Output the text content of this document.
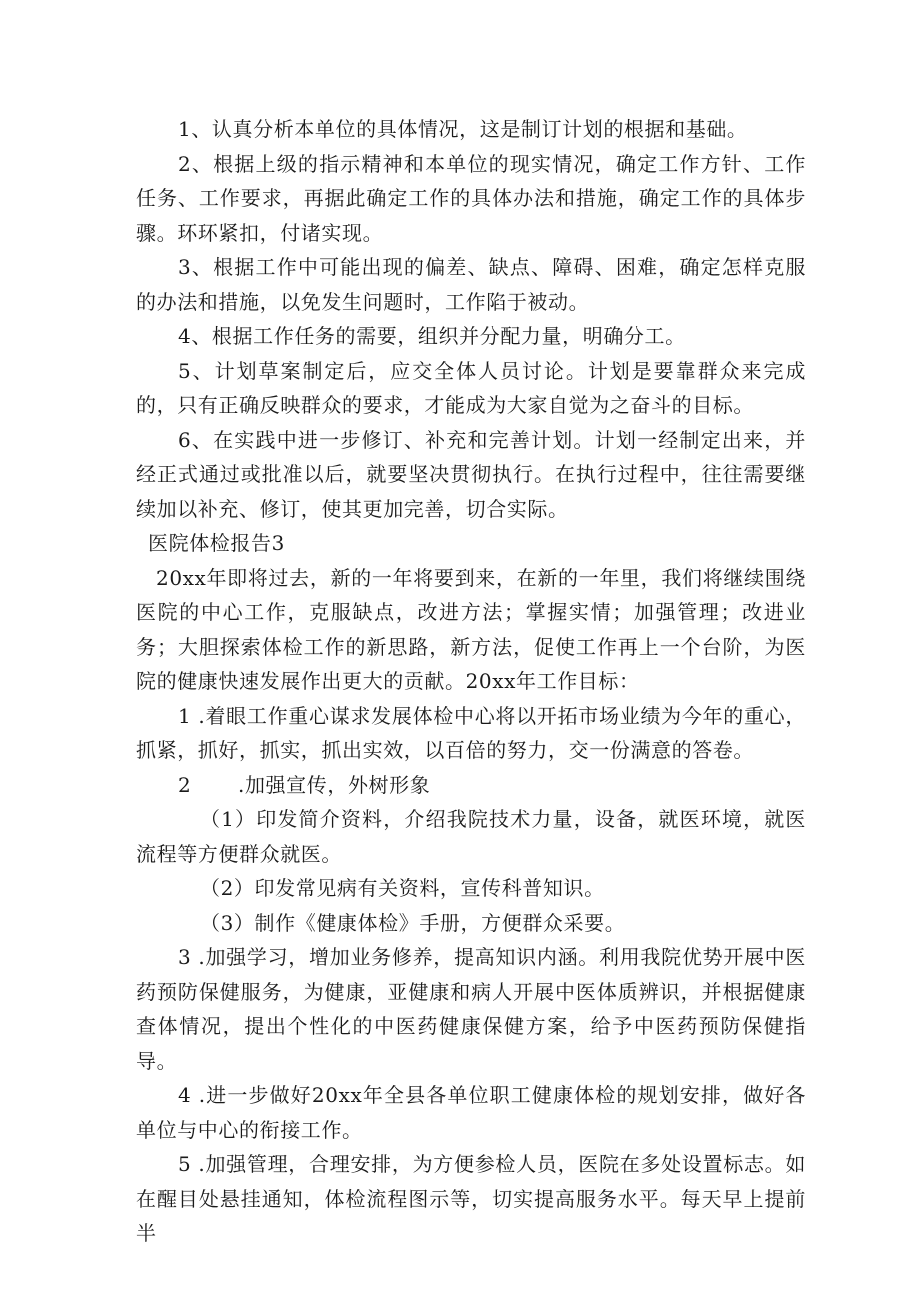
1、认真分析本单位的具体情况，这是制订计划的根据和基础。

2、根据上级的指示精神和本单位的现实情况，确定工作方针、工作任务、工作要求，再据此确定工作的具体办法和措施，确定工作的具体步骤。环环紧扣，付诸实现。

3、根据工作中可能出现的偏差、缺点、障碍、困难，确定怎样克服的办法和措施，以免发生问题时，工作陷于被动。

4、根据工作任务的需要，组织并分配力量，明确分工。

5、计划草案制定后，应交全体人员讨论。计划是要靠群众来完成的，只有正确反映群众的要求，才能成为大家自觉为之奋斗的目标。

6、在实践中进一步修订、补充和完善计划。计划一经制定出来，并经正式通过或批准以后，就要坚决贯彻执行。在执行过程中，往往需要继续加以补充、修订，使其更加完善，切合实际。

医院体检报告3

20xx年即将过去，新的一年将要到来，在新的一年里，我们将继续围绕医院的中心工作，克服缺点，改进方法；掌握实情；加强管理；改进业务；大胆探索体检工作的新思路，新方法，促使工作再上一个台阶，为医院的健康快速发展作出更大的贡献。20xx年工作目标：

1 .着眼工作重心谋求发展体检中心将以开拓市场业绩为今年的重心，抓紧，抓好，抓实，抓出实效，以百倍的努力，交一份满意的答卷。

2 .加强宣传，外树形象

（1）印发简介资料，介绍我院技术力量，设备，就医环境，就医流程等方便群众就医。

（2）印发常见病有关资料，宣传科普知识。

（3）制作《健康体检》手册，方便群众采要。

3 .加强学习，增加业务修养，提高知识内涵。利用我院优势开展中医药预防保健服务，为健康，亚健康和病人开展中医体质辨识，并根据健康查体情况，提出个性化的中医药健康保健方案，给予中医药预防保健指导。

4 .进一步做好20xx年全县各单位职工健康体检的规划安排，做好各单位与中心的衔接工作。

5 .加强管理，合理安排，为方便参检人员，医院在多处设置标志。如在醒目处悬挂通知，体检流程图示等，切实提高服务水平。每天早上提前半
